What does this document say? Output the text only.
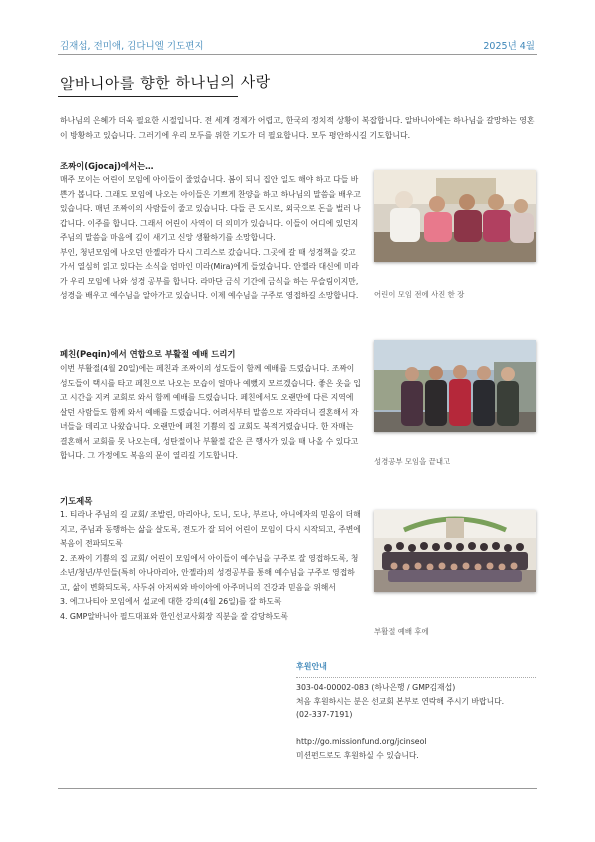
김재섭, 전미애, 김다니엘 기도편지	2025년 4월
알바니아를 향한 하나님의 사랑
하나님의 은혜가 더욱 필요한 시절입니다. 전 세계 경제가 어렵고, 한국의 정치적 상황이 복잡합니다. 알바니아에는 하나님을 갈망하는 영혼이 방황하고 있습니다. 그러기에 우리 모두를 위한 기도가 더 필요합니다. 모두 평안하시길 기도합니다.
조짜이(Gjocaj)에서는…

매주 모이는 어린이 모임에 아이들이 줄었습니다. 봄이 되니 집안 일도 해야 하고 다들 바쁜가 봅니다. 그래도 모임에 나오는 아이들은 기쁘게 찬양을 하고 하나님의 말씀을 배우고 있습니다. 매년 조짜이의 사람들이 줄고 있습니다. 다들 큰 도시로, 외국으로 돈을 벌러 나갑니다. 이주를 합니다. 그래서 어린이 사역이 더 의미가 있습니다. 이들이 어디에 있던지 주님의 말씀을 마음에 깊이 새기고 신앙 생활하기를 소망합니다.

부인, 청년모임에 나오던 안젤라가 다시 그리스로 갔습니다. 그곳에 갈 때 성경책을 갖고 가서 열심히 읽고 있다는 소식을 엄마인 미라(Mira)에게 들었습니다. 안젤라 대신에 미라가 우리 모임에 나와 성경 공부를 합니다. 라마단 금식 기간에 금식을 하는 무슬림이지만, 성경을 배우고 예수님을 알아가고 있습니다. 이제 예수님을 구주로 영접하길 소망합니다.	어린이 모임 전에 사진 한 장
페친(Peqin)에서 연합으로 부활절 예배 드리기

이번 부활절(4월 20일)에는 페친과 조짜이의 성도들이 함께 예배를 드렸습니다. 조짜이 성도들이 택시를 타고 페친으로 나오는 모습이 얼마나 예뻤지 모르겠습니다. 좋은 옷을 입고 시간을 지켜 교회로 와서 함께 예배를 드렸습니다. 페친에서도 오랜만에 다른 지역에 살던 사람들도 함께 와서 예배를 드렸습니다. 어려서부터 말씀으로 자라더니 결혼해서 자녀들을 데리고 나왔습니다. 오랜만에 페친 기쁨의 집 교회도 북적거렸습니다. 한 자매는 결혼해서 교회를 못 나오는데, 성탄절이나 부활절 같은 큰 행사가 있을 때 나올 수 있다고 합니다. 그 가정에도 복음의 문이 열리길 기도합니다.

성경공부 모임을 끝내고
기도제목

1. 티라나 주님의 길 교회/ 조발린, 마리아나, 도니, 도나, 부르나, 아니에자의 믿음이 더해 지고, 주님과 동행하는 삶을 살도록, 전도가 잘 되어 어린이 모임이 다시 시작되고, 주변에 복음이 전파되도록

2. 조짜이 기쁨의 집 교회/ 어린이 모임에서 아이들이 예수님을 구주로 잘 영접하도록, 청소년/청년/부인들(특히 아나마리아, 안젤라)의 성경공부를 통해 예수님을 구주로 영접하고, 삶이 변화되도록, 사두쉬 아저씨와 바이아에 아주머니의 건강과 믿음을 위해서

3. 에그나티아 모임에서 설교에 대한 강의(4월 26일)를 잘 하도록

4. GMP알바니아 필드대표와 한인선교사회장 직분을 잘 감당하도록

부활절 예배 후에
후원안내
303-04-00002-083 (하나은행 / GMP김재섭)
처음 후원하시는 분은 선교회 본부로 연락해 주시기 바랍니다.
(02-337-7191)
http://go.missionfund.org/jcinseol
미션펀드로도 후원하실 수 있습니다.
